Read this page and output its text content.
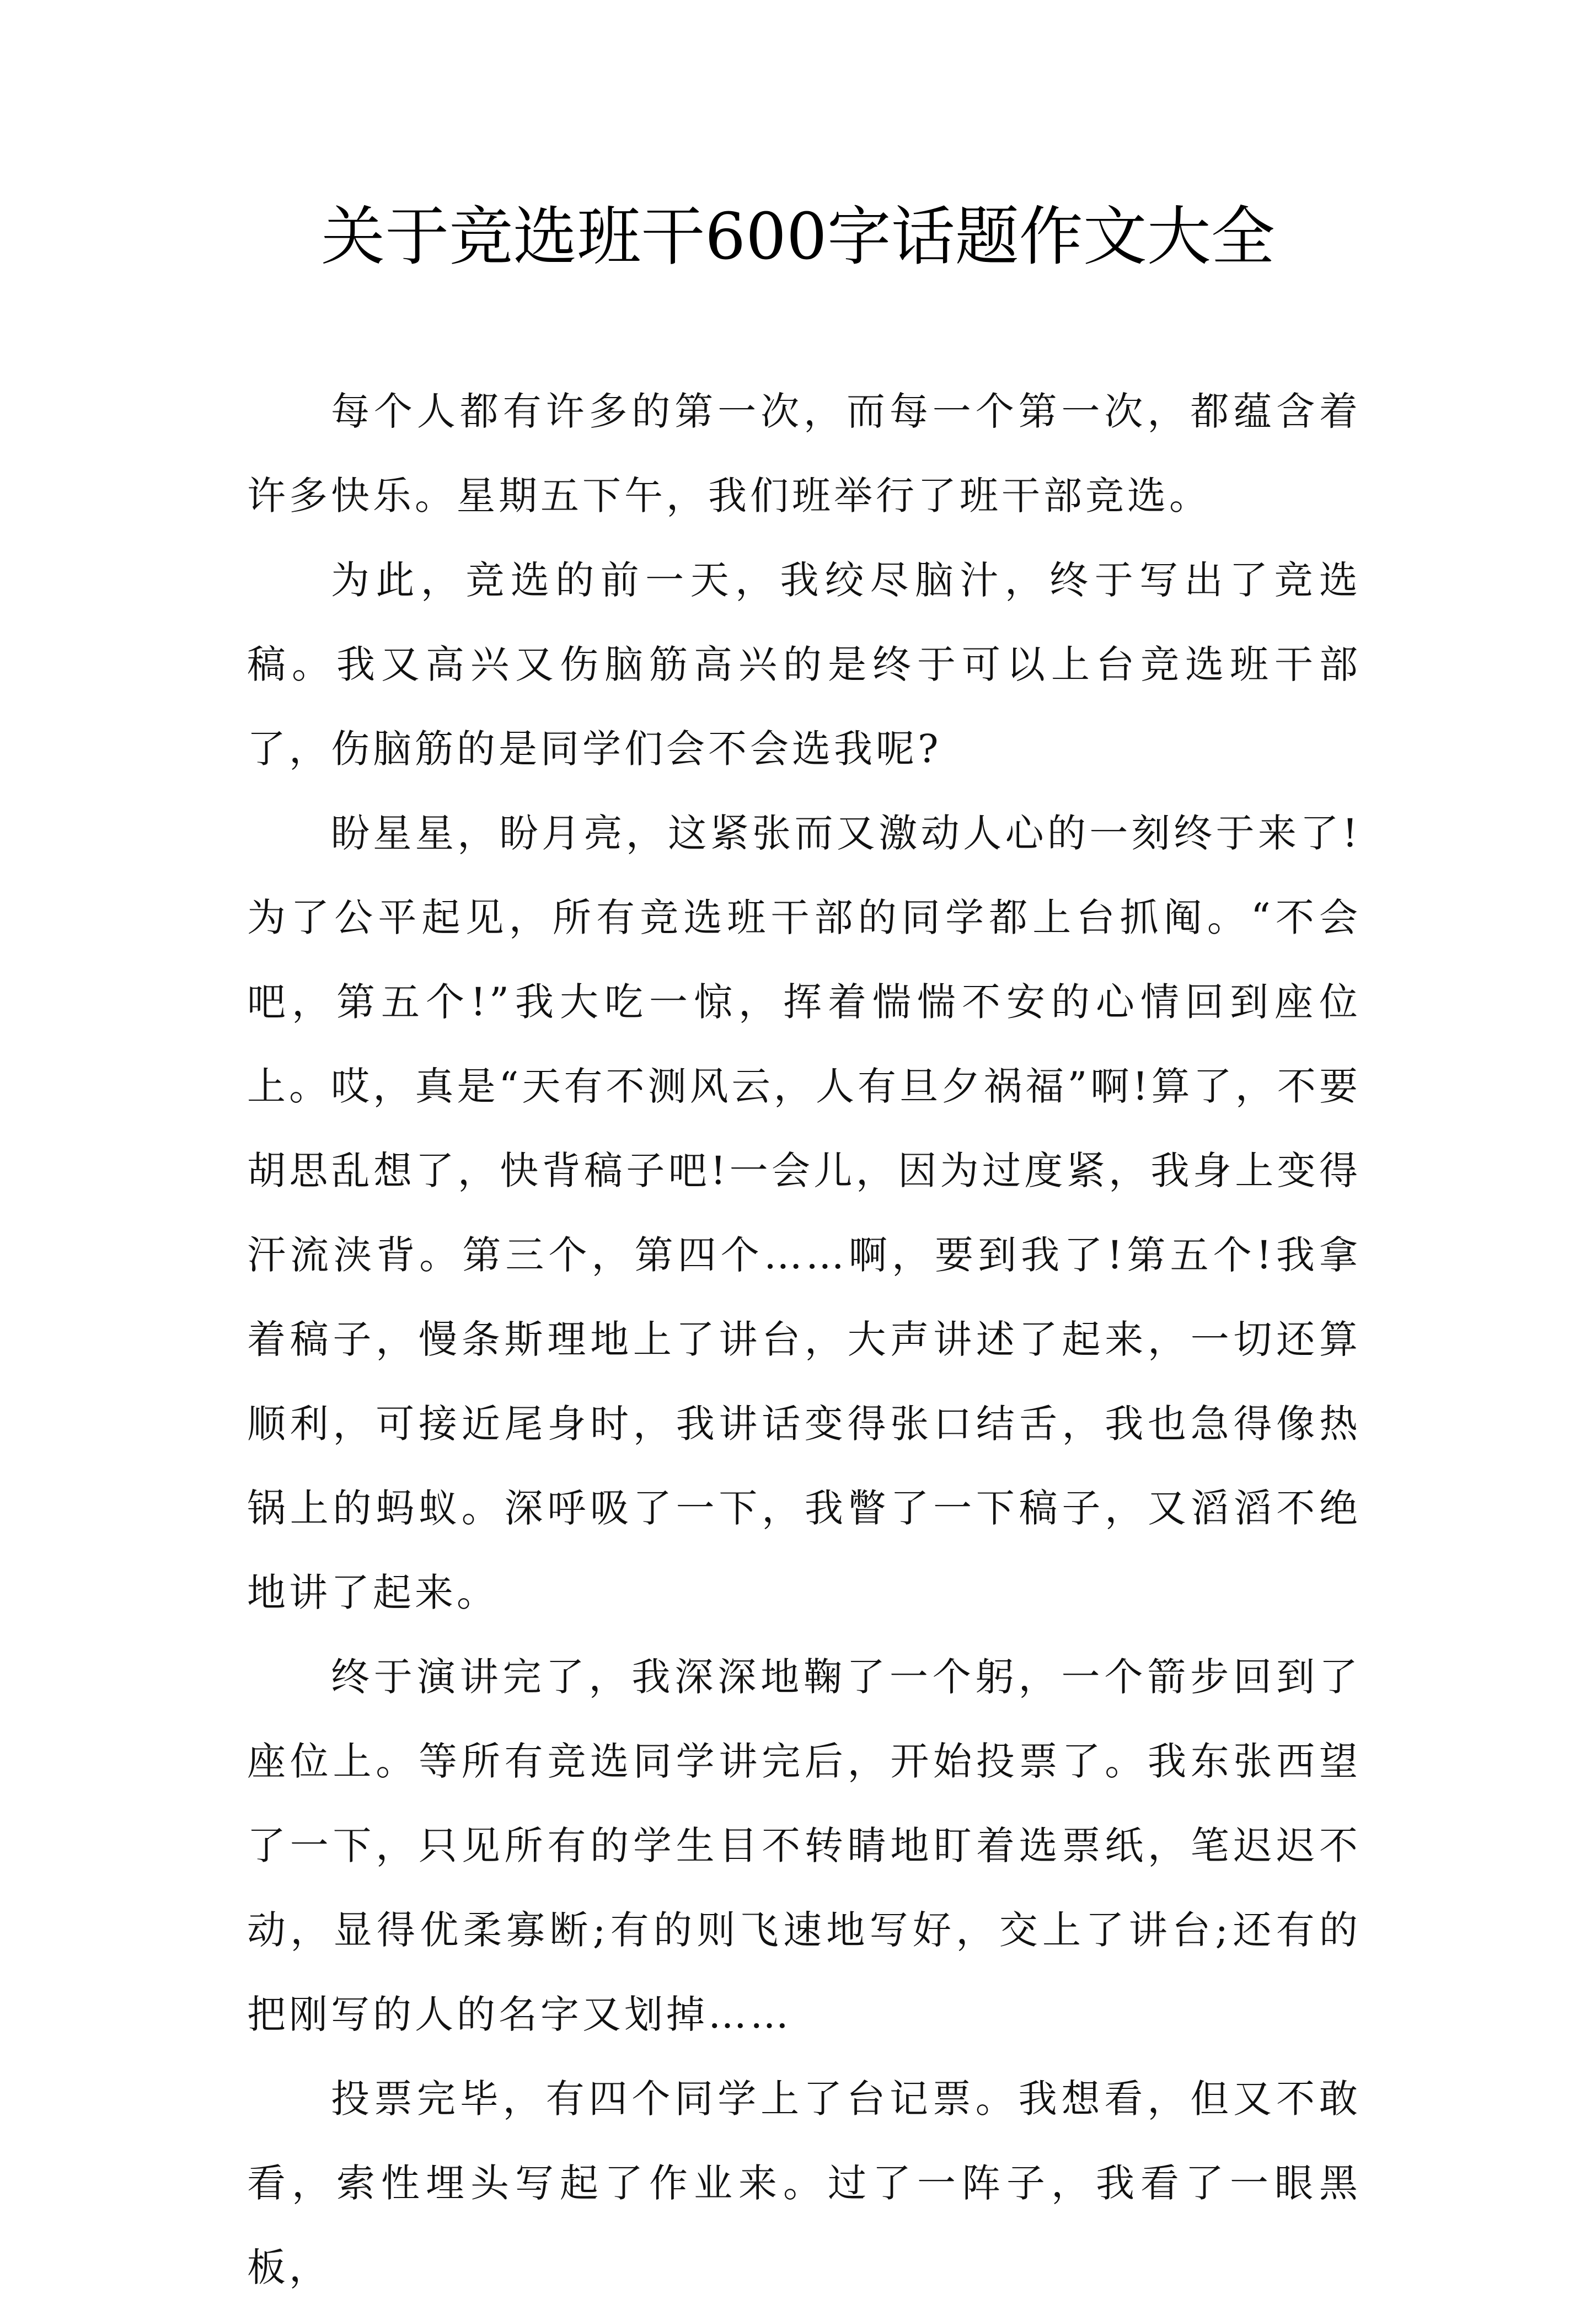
关于竞选班干600字话题作文大全

每个人都有许多的第一次，而每一个第一次，都蕴含着许多快乐。星期五下午，我们班举行了班干部竞选。

为此，竞选的前一天，我绞尽脑汁，终于写出了竞选稿。我又高兴又伤脑筋高兴的是终于可以上台竞选班干部了，伤脑筋的是同学们会不会选我呢?

盼星星，盼月亮，这紧张而又激动人心的一刻终于来了!为了公平起见，所有竞选班干部的同学都上台抓阄。“不会吧，第五个!”我大吃一惊，挥着惴惴不安的心情回到座位上。哎，真是“天有不测风云，人有旦夕祸福”啊!算了，不要胡思乱想了，快背稿子吧!一会儿，因为过度紧，我身上变得汗流浃背。第三个，第四个……啊，要到我了!第五个!我拿着稿子，慢条斯理地上了讲台，大声讲述了起来，一切还算顺利，可接近尾身时，我讲话变得张口结舌，我也急得像热锅上的蚂蚁。深呼吸了一下，我瞥了一下稿子，又滔滔不绝地讲了起来。

终于演讲完了，我深深地鞠了一个躬，一个箭步回到了座位上。等所有竞选同学讲完后，开始投票了。我东张西望了一下，只见所有的学生目不转睛地盯着选票纸，笔迟迟不动，显得优柔寡断;有的则飞速地写好，交上了讲台;还有的把刚写的人的名字又划掉……

投票完毕，有四个同学上了台记票。我想看，但又不敢看，索性埋头写起了作业来。过了一阵子，我看了一眼黑板，
